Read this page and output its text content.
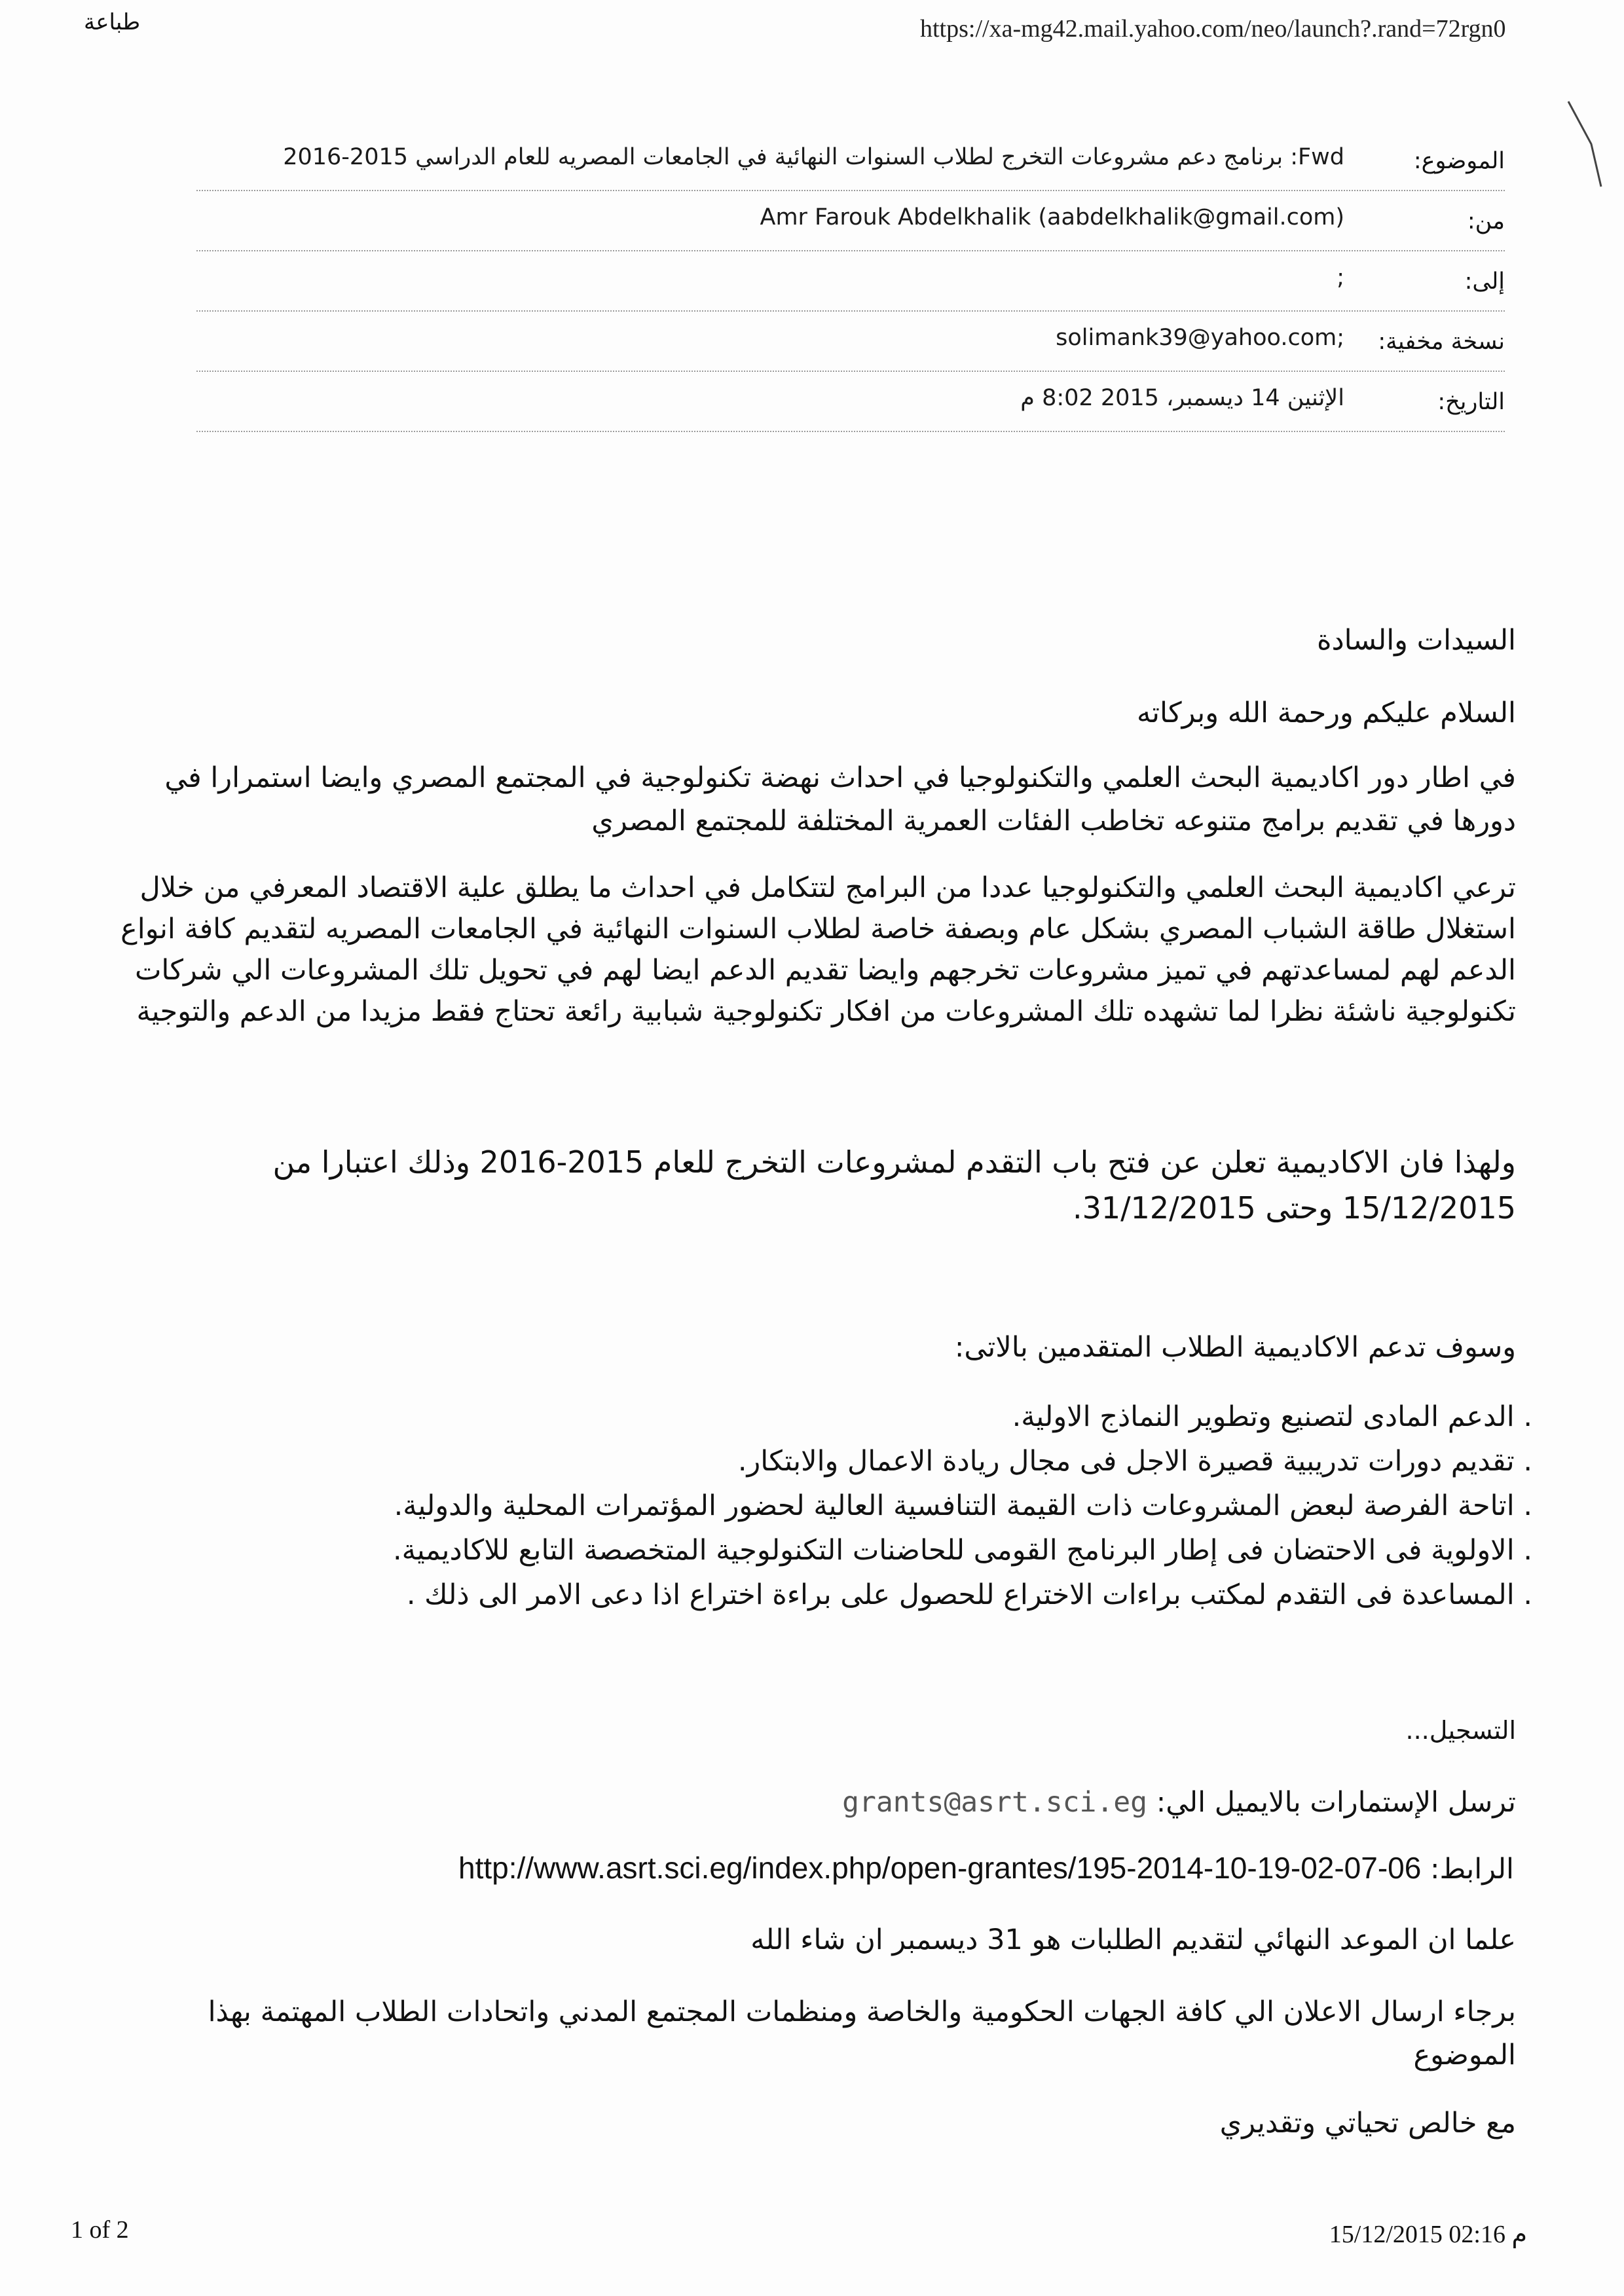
طباعة	https://xa-mg42.mail.yahoo.com/neo/launch?.rand=72rgn0
الموضوع:
Fwd: برنامج دعم مشروعات التخرج لطلاب السنوات النهائية في الجامعات المصريه للعام الدراسي 2015-2016
من:
Amr Farouk Abdelkhalik (aabdelkhalik@gmail.com)
إلى:
;
نسخة مخفية:
solimank39@yahoo.com;
التاريخ:
الإثنين 14 ديسمبر، 2015 8:02 م
السيدات والسادة
السلام عليكم ورحمة الله وبركاته
في اطار دور اكاديمية البحث العلمي والتكنولوجيا في احداث نهضة تكنولوجية في المجتمع المصري وايضا استمرارا في دورها في تقديم برامج متنوعه تخاطب الفئات العمرية المختلفة للمجتمع المصري
ترعي اكاديمية البحث العلمي والتكنولوجيا عددا من البرامج لتتكامل في احداث ما يطلق علية الاقتصاد المعرفي من خلال استغلال طاقة الشباب المصري بشكل عام وبصفة خاصة لطلاب السنوات النهائية في الجامعات المصريه لتقديم كافة انواع الدعم لهم لمساعدتهم في تميز مشروعات تخرجهم وايضا تقديم الدعم ايضا لهم في تحويل تلك المشروعات الي شركات تكنولوجية ناشئة نظرا لما تشهده تلك المشروعات من افكار تكنولوجية شبابية رائعة تحتاج فقط مزيدا من الدعم والتوجية
ولهذا فان الاكاديمية تعلن عن فتح باب التقدم لمشروعات التخرج للعام 2015-2016 وذلك اعتبارا من 15/12/2015 وحتى 31/12/2015.
وسوف تدعم الاكاديمية الطلاب المتقدمين بالاتى:

. الدعم المادى لتصنيع وتطوير النماذج الاولية.

. تقديم دورات تدريبية قصيرة الاجل فى مجال ريادة الاعمال والابتكار.

. اتاحة الفرصة لبعض المشروعات ذات القيمة التنافسية العالية لحضور المؤتمرات المحلية والدولية.

. الاولوية فى الاحتضان فى إطار البرنامج القومى للحاضنات التكنولوجية المتخصصة التابع للاكاديمية.

. المساعدة فى التقدم لمكتب براءات الاختراع للحصول على براءة اختراع اذا دعى الامر الى ذلك .

التسجيل...
ترسل الإستمارات بالايميل الي: grants@asrt.sci.eg
الرابط: http://www.asrt.sci.eg/index.php/open-grantes/195-2014-10-19-02-07-06
علما ان الموعد النهائي لتقديم الطلبات هو 31 ديسمبر ان شاء الله
برجاء ارسال الاعلان الي كافة الجهات الحكومية والخاصة ومنظمات المجتمع المدني واتحادات الطلاب المهتمة بهذا الموضوع
مع خالص تحياتي وتقديري
1 of 2	15/12/2015 02:16 م
